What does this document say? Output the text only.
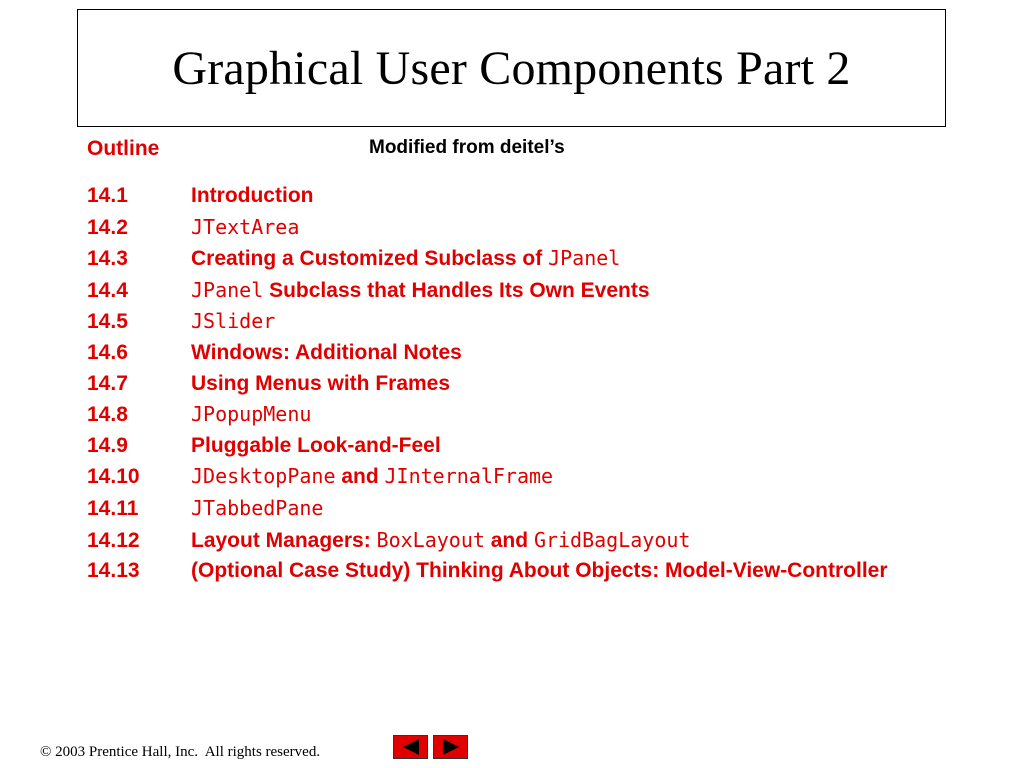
Graphical User Components Part 2
Outline	Modified from deitel’s
14.1	Introduction
14.2	JTextArea
14.3	Creating a Customized Subclass of JPanel
14.4	JPanel Subclass that Handles Its Own Events
14.5	JSlider
14.6	Windows: Additional Notes
14.7	Using Menus with Frames
14.8	JPopupMenu
14.9	Pluggable Look-and-Feel
14.10	JDesktopPane and JInternalFrame
14.11	JTabbedPane
14.12	Layout Managers: BoxLayout and GridBagLayout
14.13	(Optional Case Study) Thinking About Objects: Model-View-Controller
© 2003 Prentice Hall, Inc.  All rights reserved.
